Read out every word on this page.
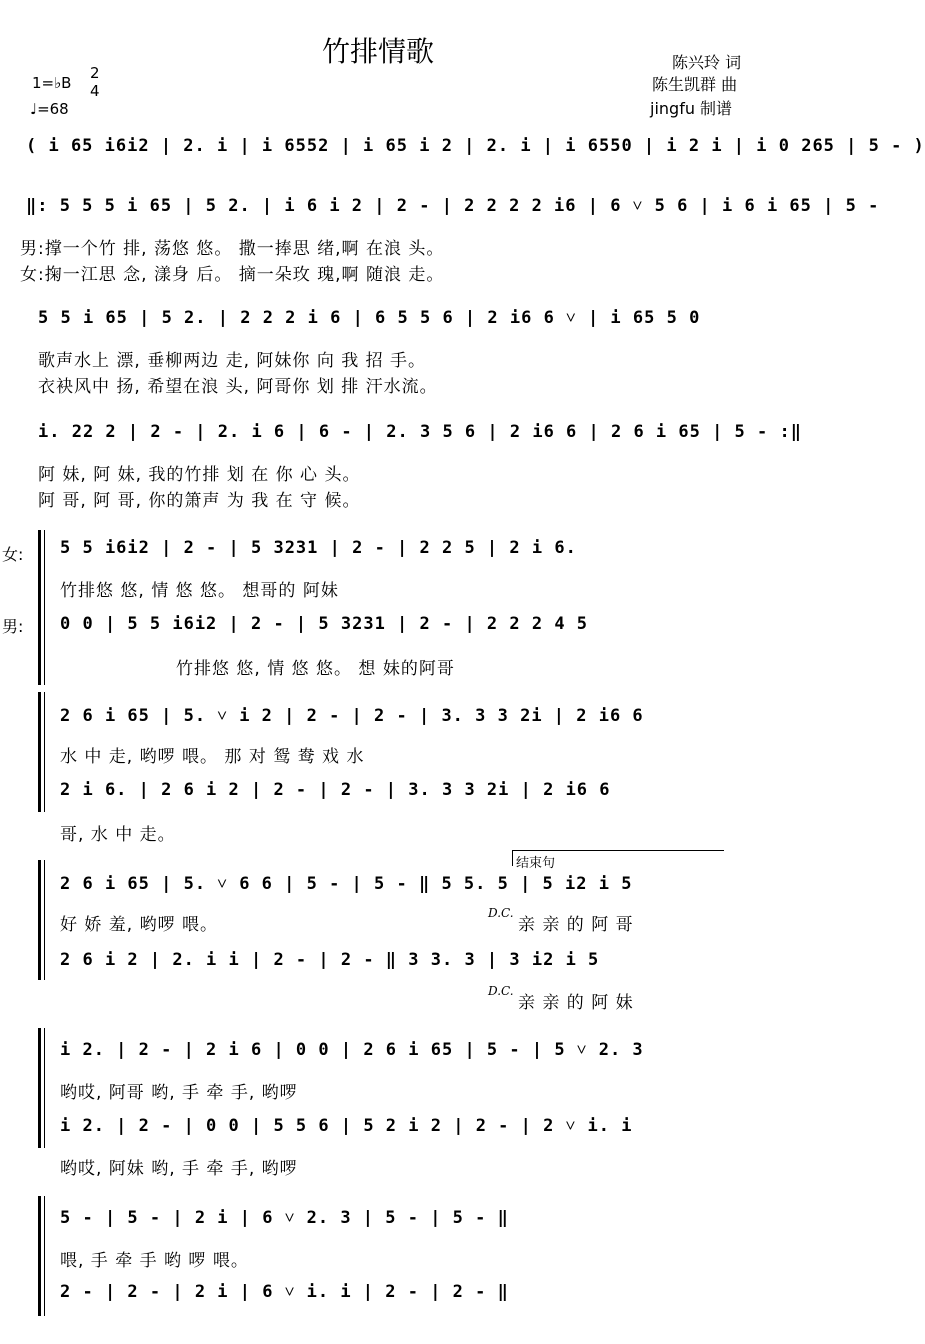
竹排情歌	陈兴玲 词
陈生凯群 曲
jingfu 制谱
1=♭B
2
4
♩=68
( i 65 i6i2 | 2. i | i 6552 | i 65 i 2 | 2. i | i 6550 | i 2 i | i 0 265 | 5 - )
‖: 5 5 5 i 65 | 5 2. | i 6 i 2 | 2 - | 2 2 2 2 i6 | 6 ˅ 5 6 | i 6 i 65 | 5 -
男:撑一个竹 排, 荡悠 悠。 撒一捧思 绪,啊 在浪 头。
女:掬一江思 念, 漾身 后。 摘一朵玫 瑰,啊 随浪 走。
5 5 i 65 | 5 2. | 2 2 2 i 6 | 6 5 5 6 | 2 i6 6 ˅ | i 65 5 0
歌声水上 漂, 垂柳两边 走, 阿妹你 向 我 招 手。
衣袂风中 扬, 希望在浪 头, 阿哥你 划 排 汗水流。
i. 22 2 | 2 - | 2. i 6 | 6 - | 2. 3 5 6 | 2 i6 6 | 2 6 i 65 | 5 - :‖
阿 妹, 阿 妹, 我的竹排 划 在 你 心 头。
阿 哥, 阿 哥, 你的箫声 为 我 在 守 候。
女:
男:
5 5 i6i2 | 2 - | 5 3231 | 2 - | 2 2 5 | 2 i 6.
竹排悠 悠, 情 悠 悠。 想哥的 阿妹
0 0 | 5 5 i6i2 | 2 - | 5 3231 | 2 - | 2 2 2 4 5
竹排悠 悠, 情 悠 悠。 想 妹的阿哥
2 6 i 65 | 5. ˅ i 2 | 2 - | 2 - | 3. 3 3 2i | 2 i6 6
水 中 走, 哟啰 喂。 那 对 鸳 鸯 戏 水
2 i 6. | 2 6 i 2 | 2 - | 2 - | 3. 3 3 2i | 2 i6 6
哥, 水 中 走。
结束句
2 6 i 65 | 5. ˅ 6 6 | 5 - | 5 - ‖ 5 5. 5 | 5 i2 i 5
好 娇 羞, 哟啰 喂。
D.C.
亲 亲 的 阿 哥
2 6 i 2 | 2. i i | 2 - | 2 - ‖ 3 3. 3 | 3 i2 i 5
D.C.
亲 亲 的 阿 妹
i 2. | 2 - | 2 i 6 | 0 0 | 2 6 i 65 | 5 - | 5 ˅ 2. 3
哟哎, 阿哥 哟, 手 牵 手, 哟啰
i 2. | 2 - | 0 0 | 5 5 6 | 5 2 i 2 | 2 - | 2 ˅ i. i
哟哎, 阿妹 哟, 手 牵 手, 哟啰
5 - | 5 - | 2 i | 6 ˅ 2. 3 | 5 - | 5 - ‖
喂, 手 牵 手 哟 啰 喂。
2 - | 2 - | 2 i | 6 ˅ i. i | 2 - | 2 - ‖
